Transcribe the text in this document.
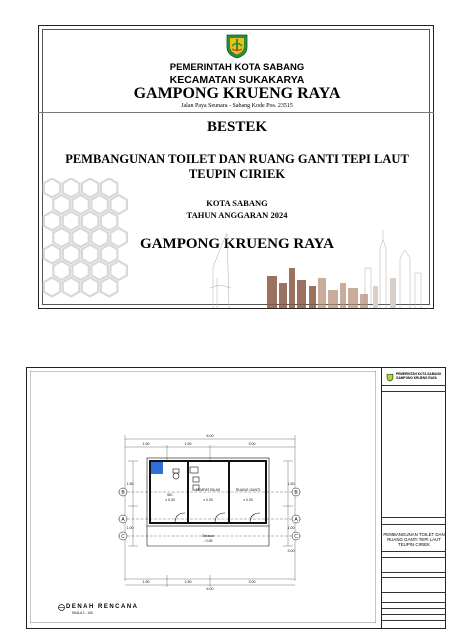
PEMERINTAH KOTA SABANG
KECAMATAN SUKAKARYA
GAMPONG KRUENG RAYA
Jalan Paya Seunara - Sabang Kode Pos. 23515
BESTEK
PEMBANGUNAN TOILET DAN RUANG GANTI TEPI LAUT
TEUPIN CIRIEK
KOTA SABANG
TAHUN ANGGARAN 2024
GAMPONG KRUENG RAYA
WC
± 0.00
TEMPAT BILAS
± 0.00
RUANG GANTI
± 0.00
Selasar
- 0.05
6.00
1.50	1.50	3.00
1.50	1.50	3.00
6.00
1.50
1.00
1.50
1.00
3.00
B	B
A	A
C	C
DENAH RENCANA
SKALA 1 : 100
PEMERINTAH KOTA SABANG
GAMPONG KRUENG RAYA
PEMBANGUNAN TOILET DAN RUANG GANTI TEPI LAUT TEUPIN CIRIEK
